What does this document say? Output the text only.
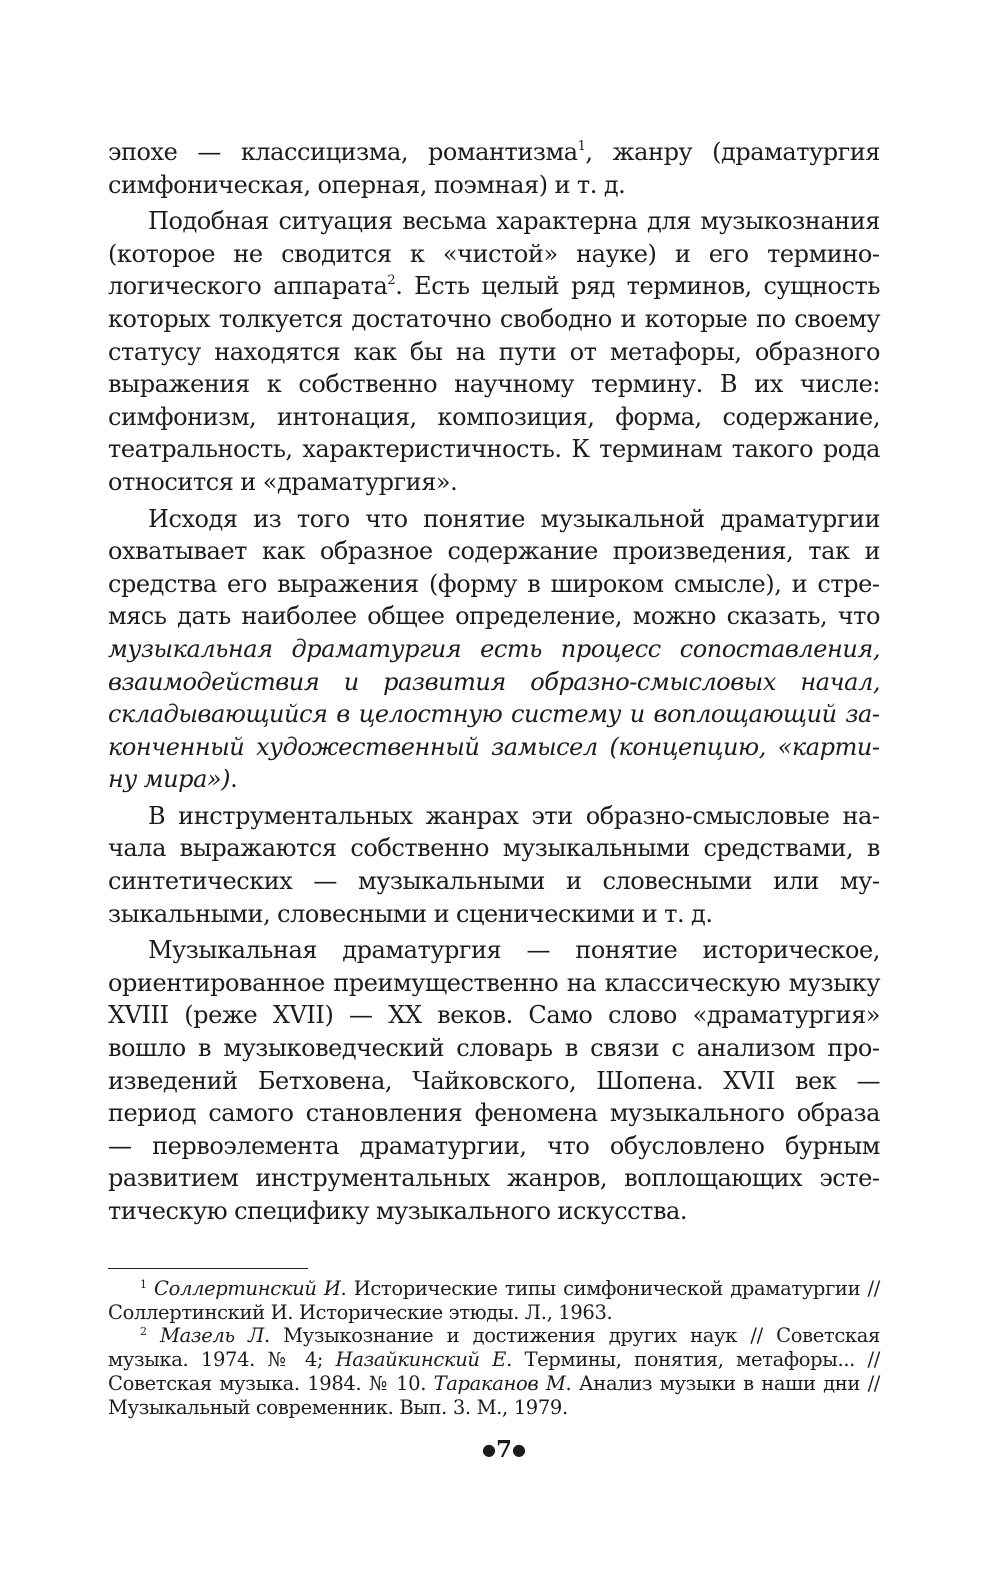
эпохе — классицизма, романтизма$^1$, жанру (драматургия симфоническая, оперная, поэмная) и т. д.

Подобная ситуация весьма характерна для музыкознания (которое не сводится к «чистой» науке) и его терминологического аппарата$^2$. Есть целый ряд терминов, сущность которых толкуется достаточно свободно и которые по своему статусу находятся как бы на пути от метафоры, образного выражения к собственно научному термину. В их числе: симфонизм, интонация, композиция, форма, содержание, театральность, характеристичность. К терминам такого рода относится и «драматургия».

Исходя из того что понятие музыкальной драматургии охватывает как образное содержание произведения, так и средства его выражения (форму в широком смысле), и стремясь дать наиболее общее определение, можно сказать, что музыкальная драматургия есть процесс сопоставления, взаимодействия и развития образно-смысловых начал, складывающийся в целостную систему и воплощающий законченный художественный замысел (концепцию, «картину мира»).

В инструментальных жанрах эти образно-смысловые начала выражаются собственно музыкальными средствами, в синтетических — музыкальными и словесными или музыкальными, словесными и сценическими и т. д.

Музыкальная драматургия — понятие историческое, ориентированное преимущественно на классическую музыку XVIII (реже XVII) — XX веков. Само слово «драматургия» вошло в музыковедческий словарь в связи с анализом произведений Бетховена, Чайковского, Шопена. XVII век — период самого становления феномена музыкального образа — первоэлемента драматургии, что обусловлено бурным развитием инструментальных жанров, воплощающих эстетическую специфику музыкального искусства.

$^1$ Соллертинский И. Исторические типы симфонической драматургии // Соллертинский И. Исторические этюды. Л., 1963.

$^2$ Мазель Л. Музыкознание и достижения других наук // Советская музыка. 1974. № 4; Назайкинский Е. Термины, понятия, метафоры... // Советская музыка. 1984. № 10. Тараканов М. Анализ музыки в наши дни // Музыкальный современник. Вып. 3. М., 1979.

●7●
